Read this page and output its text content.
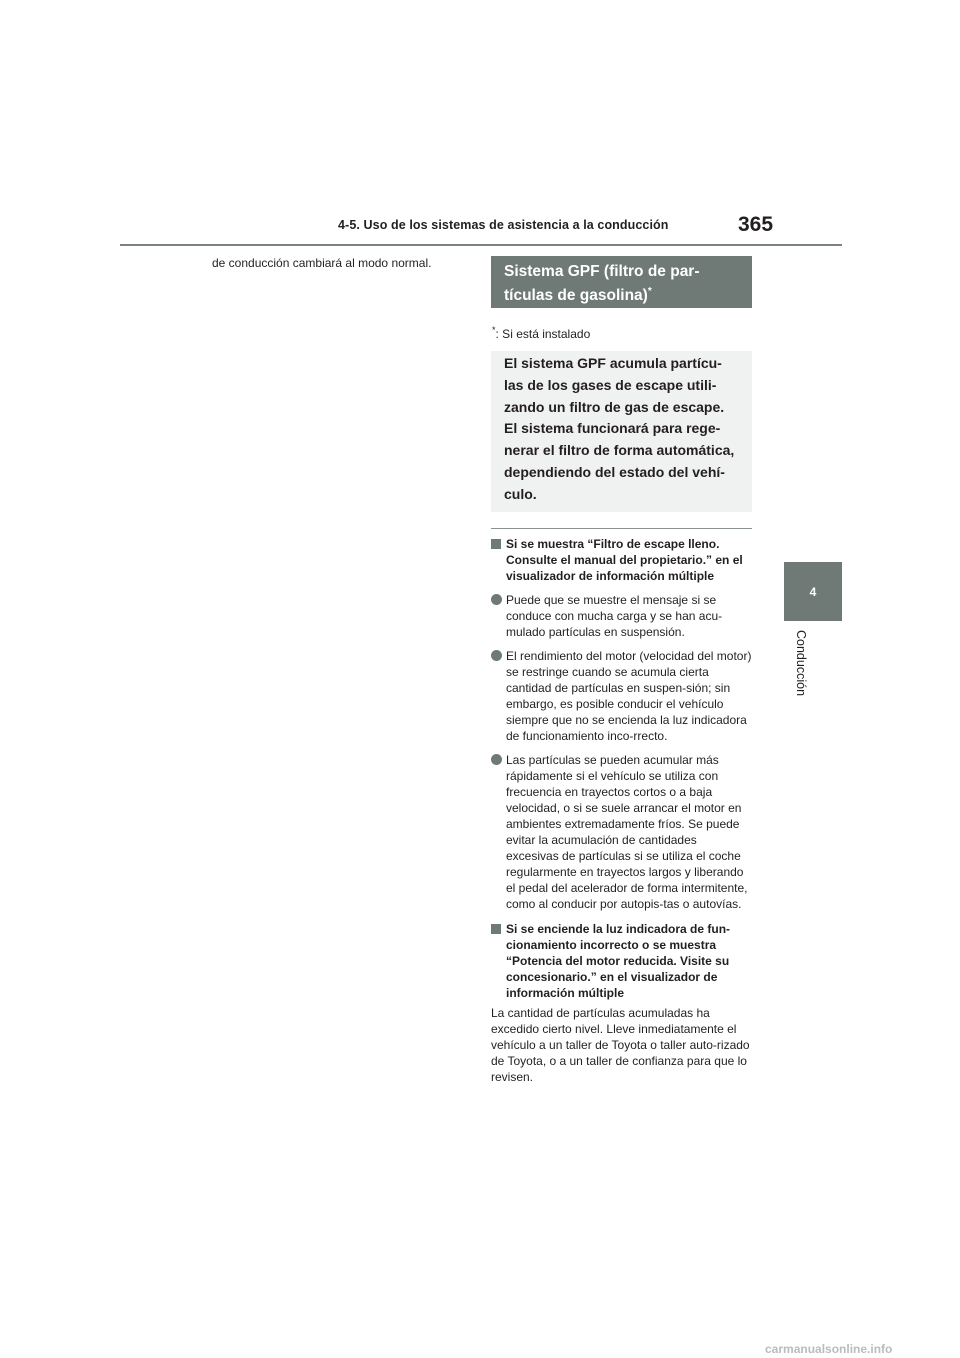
4-5. Uso de los sistemas de asistencia a la conducción	365
4
Conducción
de conducción cambiará al modo normal.	Sistema GPF (filtro de par-tículas de gasolina)*
*: Si está instalado
El sistema GPF acumula partícu-las de los gases de escape utili-zando un filtro de gas de escape. El sistema funcionará para rege-nerar el filtro de forma automática, dependiendo del estado del vehí-culo.
Si se muestra “Filtro de escape lleno. Consulte el manual del propietario.” en el visualizador de información múltiple
Puede que se muestre el mensaje si se conduce con mucha carga y se han acu-mulado partículas en suspensión.
El rendimiento del motor (velocidad del motor) se restringe cuando se acumula cierta cantidad de partículas en suspen-sión; sin embargo, es posible conducir el vehículo siempre que no se encienda la luz indicadora de funcionamiento inco-rrecto.
Las partículas se pueden acumular más rápidamente si el vehículo se utiliza con frecuencia en trayectos cortos o a baja velocidad, o si se suele arrancar el motor en ambientes extremadamente fríos. Se puede evitar la acumulación de cantidades excesivas de partículas si se utiliza el coche regularmente en trayectos largos y liberando el pedal del acelerador de forma intermitente, como al conducir por autopis-tas o autovías.
Si se enciende la luz indicadora de fun-cionamiento incorrecto o se muestra “Potencia del motor reducida. Visite su concesionario.” en el visualizador de información múltiple
La cantidad de partículas acumuladas ha excedido cierto nivel. Lleve inmediatamente el vehículo a un taller de Toyota o taller auto-rizado de Toyota, o a un taller de confianza para que lo revisen.
carmanualsonline.info
